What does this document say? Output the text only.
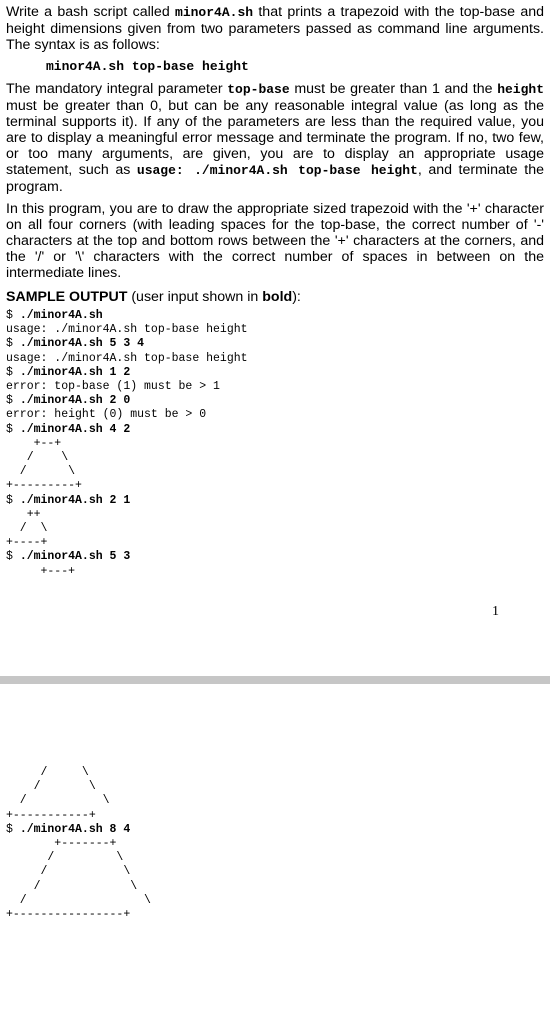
Write a bash script called minor4A.sh that prints a trapezoid with the top-base and height dimensions given from two parameters passed as command line arguments. The syntax is as follows:

minor4A.sh top-base height

The mandatory integral parameter top-base must be greater than 1 and the height must be greater than 0, but can be any reasonable integral value (as long as the terminal supports it). If any of the parameters are less than the required value, you are to display a meaningful error message and terminate the program. If no, two few, or too many arguments, are given, you are to display an appropriate usage statement, such as usage: ./minor4A.sh top-base height, and terminate the program.

In this program, you are to draw the appropriate sized trapezoid with the '+' character on all four corners (with leading spaces for the top-base, the correct number of '-' characters at the top and bottom rows between the '+' characters at the corners, and the '/' or '\' characters with the correct number of spaces in between on the intermediate lines.

SAMPLE OUTPUT (user input shown in bold):
$ ./minor4A.sh
usage: ./minor4A.sh top-base height
$ ./minor4A.sh 5 3 4
usage: ./minor4A.sh top-base height
$ ./minor4A.sh 1 2
error: top-base (1) must be > 1
$ ./minor4A.sh 2 0
error: height (0) must be > 0
$ ./minor4A.sh 4 2
+--+
/    \
/      \
+---------+
$ ./minor4A.sh 2 1
++
/  \
+----+
$ ./minor4A.sh 5 3
+---+

1
/     \
/       \
/           \
+-----------+
$ ./minor4A.sh 8 4
+-------+
/         \
/           \
/             \
/                 \
+----------------+
